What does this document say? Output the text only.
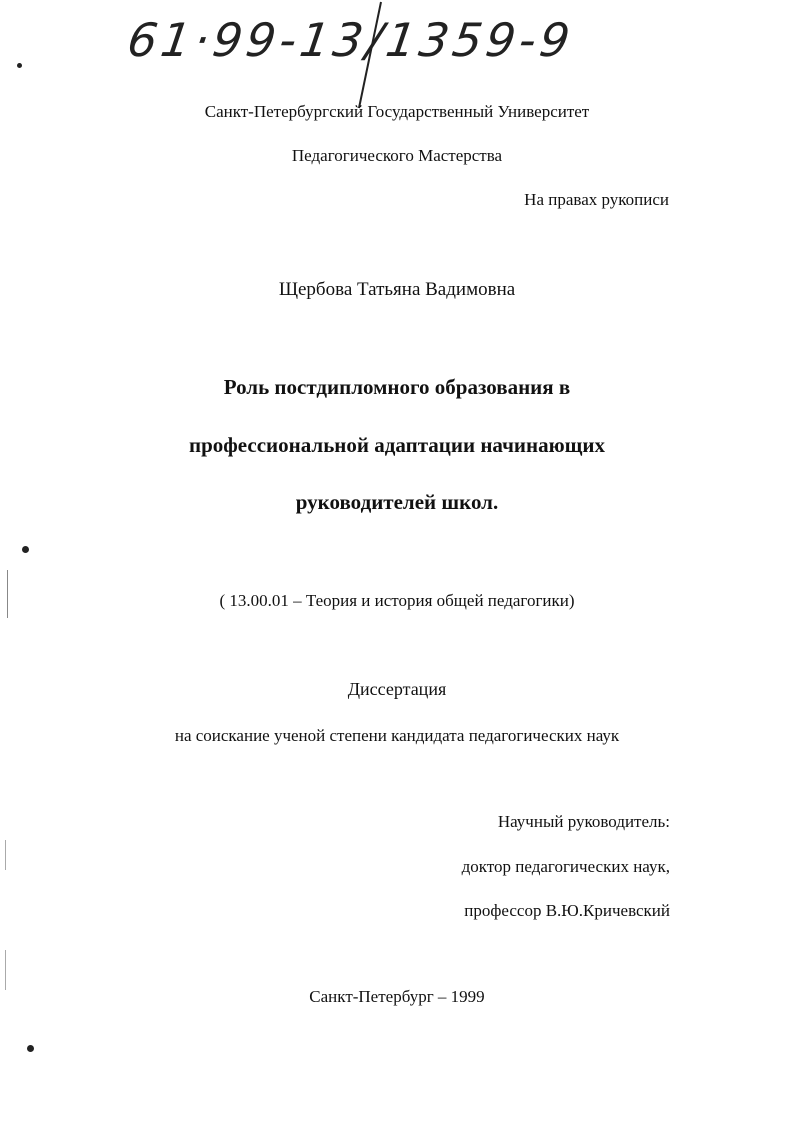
61·99-13/1359-9
Санкт-Петербургский Государственный Университет
Педагогического Мастерства
На правах рукописи
Щербова Татьяна Вадимовна
Роль постдипломного образования в
профессиональной адаптации начинающих
руководителей школ.
( 13.00.01 – Теория и история общей педагогики)
Диссертация
на соискание ученой степени кандидата педагогических наук
Научный руководитель:
доктор педагогических наук,
профессор В.Ю.Кричевский
Санкт-Петербург – 1999
